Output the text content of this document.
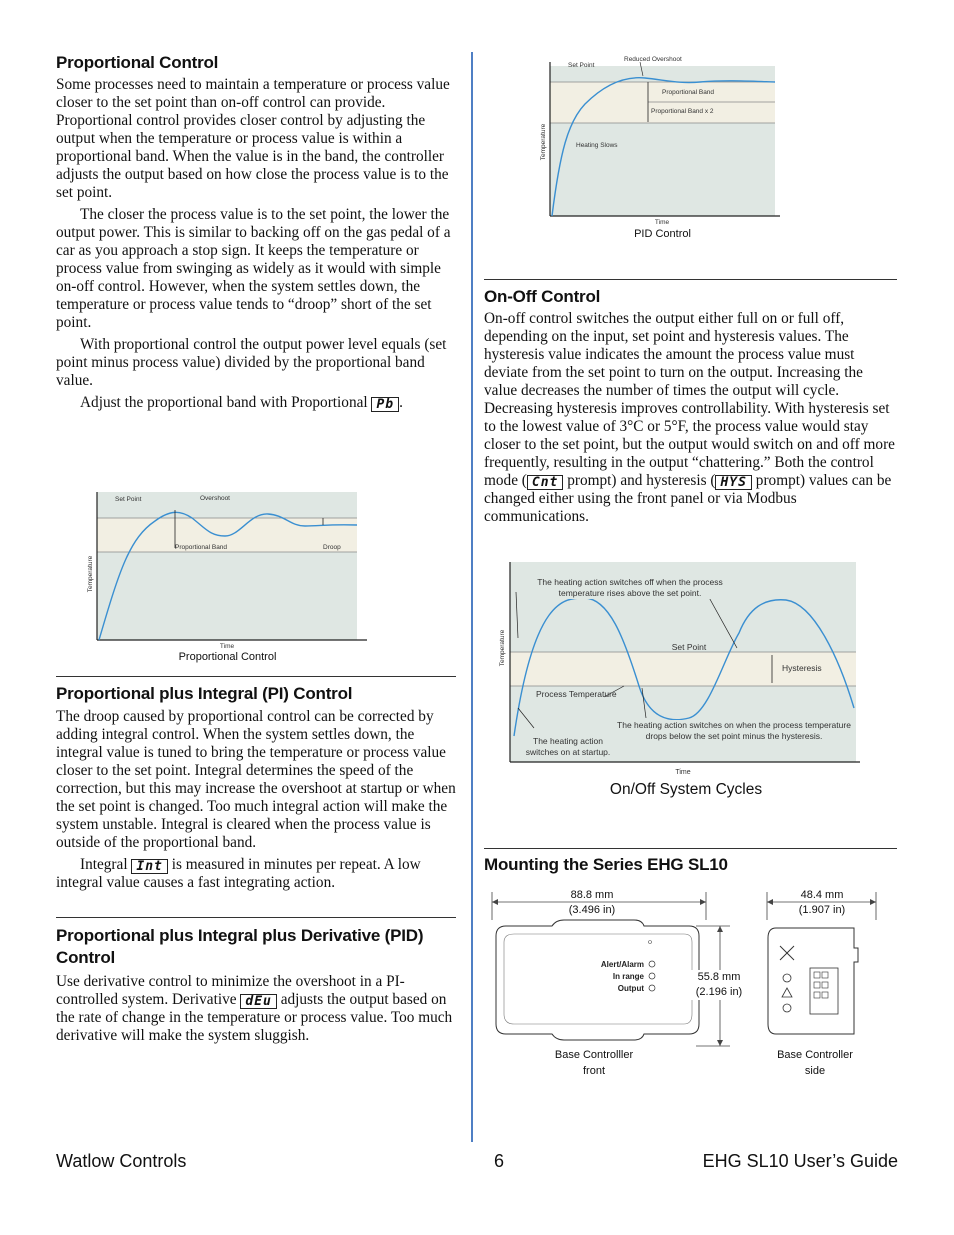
Proportional Control

Some processes need to maintain a temperature or process value closer to the set point than on-off control can provide. Proportional control provides closer control by adjusting the output when the temperature or process value is within a proportional band. When the value is in the band, the controller adjusts the output based on how close the process value is to the set point.

The closer the process value is to the set point, the lower the output power. This is similar to backing off on the gas pedal of a car as you approach a stop sign. It keeps the temperature or process value from swinging as widely as it would with simple on-off control. However, when the system settles down, the temperature or process value tends to “droop” short of the set point.

With proportional control the output power level equals (set point minus process value) divided by the proportional band value.

Adjust the proportional band with Proportional Pb .

Set Point	Overshoot
Proportional Band	Droop
Temperature
Time
Proportional Control
Proportional plus Integral (PI) Control

The droop caused by proportional control can be corrected by adding integral control. When the system settles down, the integral value is tuned to bring the temperature or process value closer to the set point. Integral determines the speed of the correction, but this may increase the overshoot at startup or when the set point is changed. Too much integral action will make the system unstable. Integral is cleared when the process value is outside of the proportional band.

Integral Int is measured in minutes per repeat. A low integral value causes a fast integrating action.

Proportional plus Integral plus Derivative (PID) Control

Use derivative control to minimize the overshoot in a PI-controlled system. Derivative dEu adjusts the output based on the rate of change in the temperature or process value. Too much derivative will make the system sluggish.

Set Point
Reduced Overshoot
Proportional Band
Proportional Band x 2
Heating Slows
Temperature
Time
PID Control
On-Off Control

On-off control switches the output either full on or full off, depending on the input, set point and hysteresis values. The hysteresis value indicates the amount the process value must deviate from the set point to turn on the output. Increasing the value decreases the number of times the output will cycle. Decreasing hysteresis improves controllability. With hysteresis set to the lowest value of 3°C or 5°F, the process value would stay closer to the set point, but the output would switch on and off more frequently, resulting in the output “chattering.” Both the control mode ( Cnt prompt) and hysteresis ( HYS prompt) values can be changed either using the front panel or via Modbus communications.

Set Point
Hysteresis
Process Temperature
Temperature
Time
The heating action switches off when the process temperature rises above the set point.
The heating action switches on when the process temperature drops below the set point minus the hysteresis.
The heating action switches on at startup.
On/Off System Cycles
Mounting the Series EHG SL10
Alert/Alarm
In range
Output
88.8 mm
(3.496 in)
55.8 mm
(2.196 in)
48.4 mm
(1.907 in)
Base Controlller
front
Base Controller
side
Watlow Controls	6	EHG SL10 User’s Guide
